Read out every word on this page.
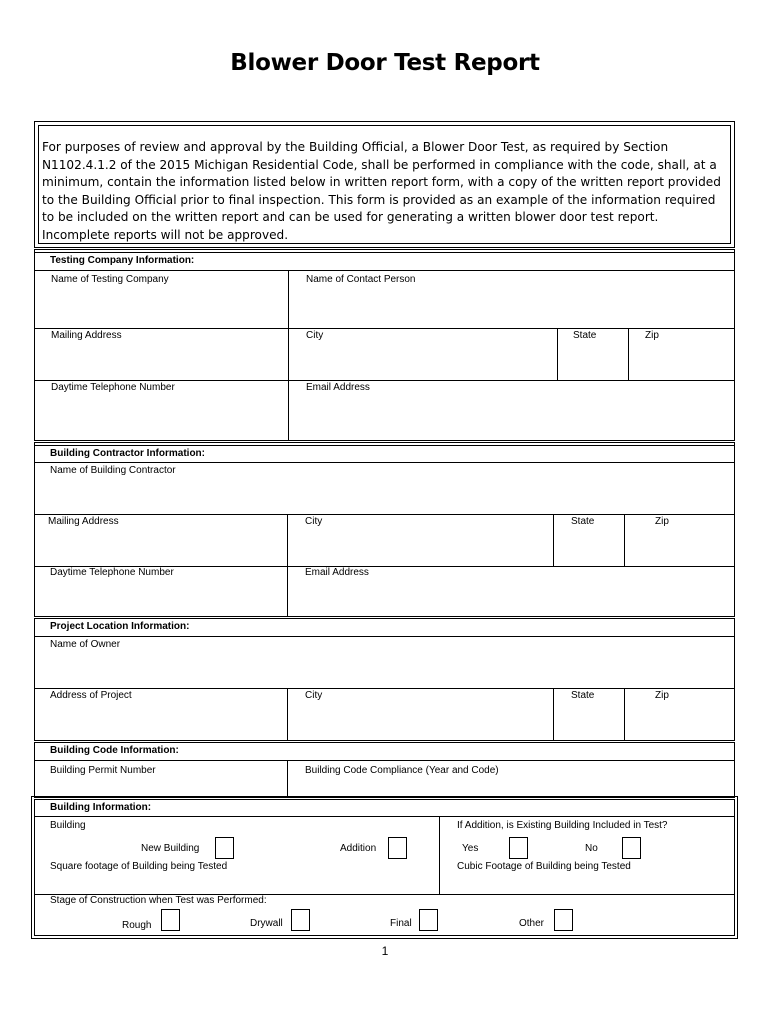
Blower Door Test Report
For purposes of review and approval by the Building Official, a Blower Door Test, as required by Section N1102.4.1.2 of the 2015 Michigan Residential Code, shall be performed in compliance with the code, shall, at a minimum, contain the information listed below in written report form, with a copy of the written report provided to the Building Official prior to final inspection. This form is provided as an example of the information required to be included on the written report and can be used for generating a written blower door test report. Incomplete reports will not be approved.
Testing Company Information:
Name of Testing Company	Name of Contact Person
Mailing Address	City	State	Zip
Daytime Telephone Number	Email Address
Building Contractor Information:
Name of Building Contractor
Mailing Address	City	State	Zip
Daytime Telephone Number	Email Address
Project Location Information:
Name of Owner
Address of Project	City	State	Zip
Building Code Information:
Building Permit Number	Building Code Compliance (Year and Code)
Building Information:
Building	If Addition, is Existing Building Included in Test?
New Building	Addition	Yes	No
Square footage of Building being Tested	Cubic Footage of Building being Tested
Stage of Construction when Test was Performed:
Rough	Drywall	Final	Other
1
